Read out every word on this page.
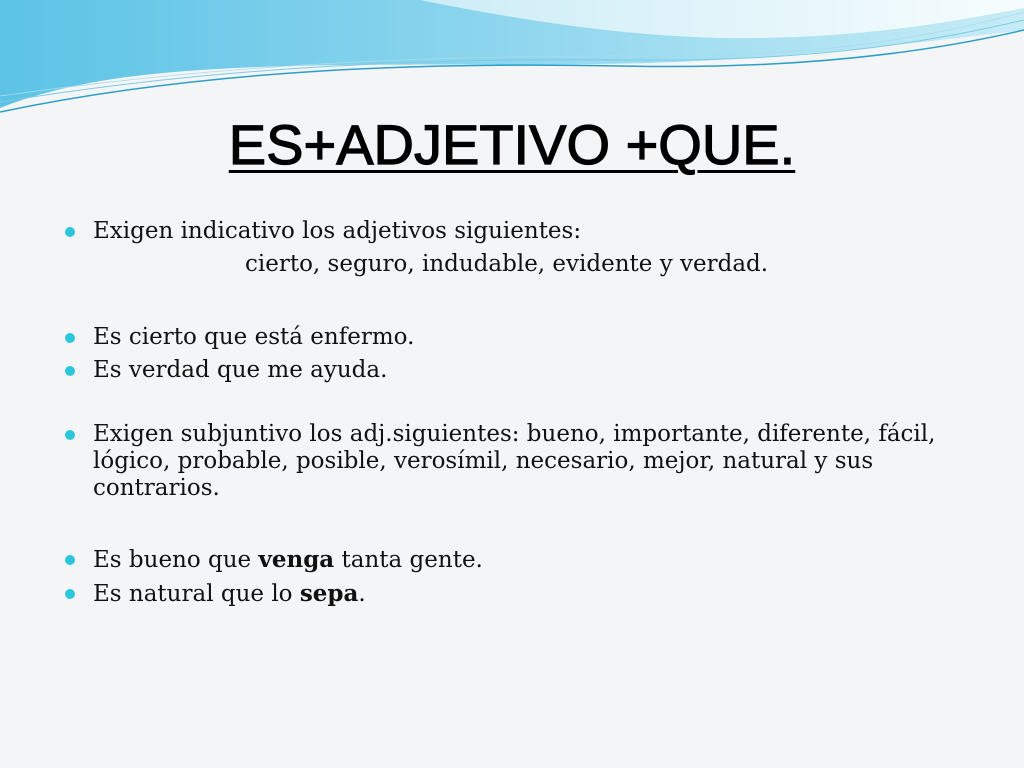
ES+ADJETIVO +QUE.

Exigen indicativo los adjetivos siguientes:

cierto, seguro, indudable, evidente y verdad.

Es cierto que está enfermo.

Es verdad que me ayuda.

Exigen subjuntivo los adj.siguientes: bueno, importante, diferente, fácil, lógico, probable, posible, verosímil, necesario, mejor, natural y sus contrarios.

Es bueno que venga tanta gente.

Es natural que lo sepa.
